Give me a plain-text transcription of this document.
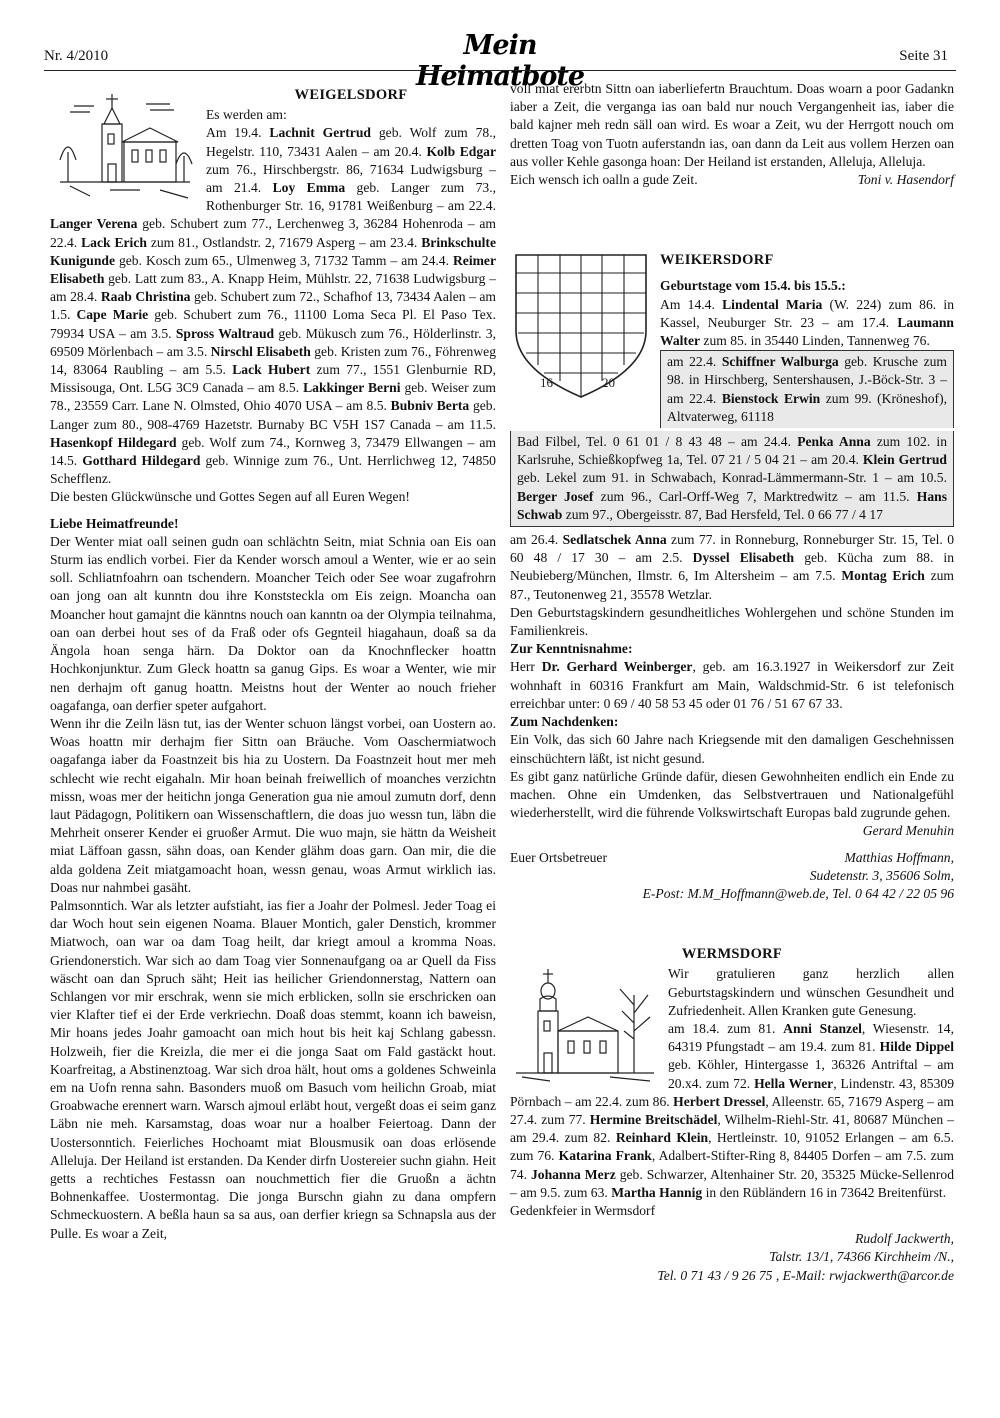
Nr. 4/2010	Mein Heimatbote
Seite 31
WEIGELSDORF

Es werden am:

Am 19.4. Lachnit Gertrud geb. Wolf zum 78., Hegelstr. 110, 73431 Aalen – am 20.4. Kolb Edgar zum 76., Hirschbergstr. 86, 71634 Ludwigsburg – am 21.4. Loy Emma geb. Langer zum 73., Rothenburger Str. 16, 91781 Weißenburg – am 22.4. Langer Verena geb. Schubert zum 77., Lerchenweg 3, 36284 Hohenroda – am 22.4. Lack Erich zum 81., Ostlandstr. 2, 71679 Asperg – am 23.4. Brinkschulte Kunigunde geb. Kosch zum 65., Ulmenweg 3, 71732 Tamm – am 24.4. Reimer Elisabeth geb. Latt zum 83., A. Knapp Heim, Mühlstr. 22, 71638 Ludwigsburg – am 28.4. Raab Christina geb. Schubert zum 72., Schafhof 13, 73434 Aalen – am 1.5. Cape Marie geb. Schubert zum 76., 11100 Loma Seca Pl. El Paso Tex. 79934 USA – am 3.5. Spross Waltraud geb. Mükusch zum 76., Hölderlinstr. 3, 69509 Mörlenbach – am 3.5. Nirschl Elisabeth geb. Kristen zum 76., Föhrenweg 14, 83064 Raubling – am 5.5. Lack Hubert zum 77., 1551 Glenburnie RD, Missisouga, Ont. L5G 3C9 Canada – am 8.5. Lakkinger Berni geb. Weiser zum 78., 23559 Carr. Lane N. Olmsted, Ohio 4070 USA – am 8.5. Bubniv Berta geb. Langer zum 80., 908-4769 Hazetstr. Burnaby BC V5H 1S7 Canada – am 11.5. Hasenkopf Hildegard geb. Wolf zum 74., Kornweg 3, 73479 Ellwangen – am 14.5. Gotthard Hildegard geb. Winnige zum 76., Unt. Herrlichweg 12, 74850 Schefflenz.

Die besten Glückwünsche und Gottes Segen auf all Euren Wegen!

Liebe Heimatfreunde!

Der Wenter miat oall seinen gudn oan schlächtn Seitn, miat Schnia oan Eis oan Sturm ias endlich vorbei. Fier da Kender worsch amoul a Wenter, wie er ao sein soll. Schliatnfoahrn oan tschendern. Moancher Teich oder See woar zugafrohrn oan jong oan alt kunntn dou ihre Konststeckla om Eis zeign. Moancha oan Moancher hout gamajnt die känntns nouch oan kanntn oa der Olympia teilnahma, oan oan derbei hout ses of da Fraß oder ofs Gegnteil hiagahaun, doaß sa da Ängola hoan senga härn. Da Doktor oan da Knochnflecker hoattn Hochkonjunktur. Zum Gleck hoattn sa ganug Gips. Es woar a Wenter, wie mir nen derhajm oft ganug hoattn. Meistns hout der Wenter ao nouch frieher oagafanga, oan derfier speter aufgahort.

Wenn ihr die Zeiln läsn tut, ias der Wenter schuon längst vorbei, oan Uostern ao. Woas hoattn mir derhajm fier Sittn oan Bräuche. Vom Oaschermiatwoch oagafanga iaber da Foastnzeit bis hia zu Uostern. Da Foastnzeit hout mer meh schlecht wie recht eigahaln. Mir hoan beinah freiwellich of moanches verzichtn missn, woas mer der heitichn jonga Generation gua nie amoul zumutn dorf, denn laut Pädagogn, Politikern oan Wissenschaftlern, die doas juo wessn tun, läbn die Mehrheit onserer Kender ei gruoßer Armut. Die wuo majn, sie hättn da Weisheit miat Läffoan gassn, sähn doas, oan Kender glähm doas garn. Oan mir, die die alda goldena Zeit miatgamoacht hoan, wessn genau, woas Armut wirklich ias. Doas nur nahmbei gasäht.

Palmsonntich. War als letzter aufstiaht, ias fier a Joahr der Polmesl. Jeder Toag ei dar Woch hout sein eigenen Noama. Blauer Montich, galer Denstich, krommer Miatwoch, oan war oa dam Toag heilt, dar kriegt amoul a kromma Noas. Griendonerstich. War sich ao dam Toag vier Sonnenaufgang oa ar Quell da Fiss wäscht oan dan Spruch säht; Heit ias heilicher Griendonnerstag, Nattern oan Schlangen vor mir erschrak, wenn sie mich erblicken, solln sie erschricken oan vier Klafter tief ei der Erde verkriechn. Doaß doas stemmt, koann ich baweisn, Mir hoans jedes Joahr gamoacht oan mich hout bis heit kaj Schlang gabessn. Holzweih, fier die Kreizla, die mer ei die jonga Saat om Fald gastäckt hout. Koarfreitag, a Abstinenztoag. War sich droa hält, hout oms a goldenes Schweinla em na Uofn renna sahn. Basonders muoß om Basuch vom heilichn Groab, miat Groabwache erennert warn. Warsch ajmoul erläbt hout, vergeßt doas ei seim ganz Läbn nie meh. Karsamstag, doas woar nur a hoalber Feiertoag. Dann der Uostersonntich. Feierliches Hochoamt miat Blousmusik oan doas erlösende Alleluja. Der Heiland ist erstanden. Da Kender dirfn Uostereier suchn giahn. Heit getts a rechtiches Festassn oan nouchmettich fier die Gruoßn a ächtn Bohnenkaffee. Uostermontag. Die jonga Burschn giahn zu dana ompfern Schmeckuostern. A beßla haun sa sa aus, oan derfier kriegn sa Schnapsla aus der Pulle. Es woar a Zeit,

voll miat ererbtn Sittn oan iaberliefertn Brauchtum. Doas woarn a poor Gadankn iaber a Zeit, die verganga ias oan bald nur nouch Vergangenheit ias, iaber die bald kajner meh redn säll oan wird. Es woar a Zeit, wu der Herrgott nouch om dretten Toag von Tuotn auferstandn ias, oan dann da Leit aus vollem Herzen oan aus voller Kehle gasonga hoan: Der Heiland ist erstanden, Alleluja, Alleluja.

Eich wensch ich oalln a gude Zeit.	Toni v. Hasendorf
16	20
WEIKERSDORF

Geburtstage vom 15.4. bis 15.5.:

Am 14.4. Lindental Maria (W. 224) zum 86. in Kassel, Neuburger Str. 23 – am 17.4. Laumann Walter zum 85. in 35440 Linden, Tannenweg 76.

am 22.4. Schiffner Walburga geb. Krusche zum 98. in Hirschberg, Sentershausen, J.-Böck-Str. 3 – am 22.4. Bienstock Erwin zum 99. (Kröneshof), Altvaterweg, 61118
Bad Filbel, Tel. 0 61 01 / 8 43 48 – am 24.4. Penka Anna zum 102. in Karlsruhe, Schießkopfweg 1a, Tel. 07 21 / 5 04 21 – am 20.4. Klein Gertrud geb. Lekel zum 91. in Schwabach, Konrad-Lämmermann-Str. 1 – am 10.5. Berger Josef zum 96., Carl-Orff-Weg 7, Marktredwitz – am 11.5. Hans Schwab zum 97., Obergeisstr. 87, Bad Hersfeld, Tel. 0 66 77 / 4 17

am 26.4. Sedlatschek Anna zum 77. in Ronneburg, Ronneburger Str. 15, Tel. 0 60 48 / 17 30 – am 2.5. Dyssel Elisabeth geb. Kücha zum 88. in Neubieberg/München, Ilmstr. 6, Im Altersheim – am 7.5. Montag Erich zum 87., Teutonenweg 21, 35578 Wetzlar.

Den Geburtstagskindern gesundheitliches Wohlergehen und schöne Stunden im Familienkreis.

Zur Kenntnisnahme:

Herr Dr. Gerhard Weinberger, geb. am 16.3.1927 in Weikersdorf zur Zeit wohnhaft in 60316 Frankfurt am Main, Waldschmid-Str. 6 ist telefonisch erreichbar unter: 0 69 / 40 58 53 45 oder 01 76 / 51 67 67 33.

Zum Nachdenken:

Ein Volk, das sich 60 Jahre nach Kriegsende mit den damaligen Geschehnissen einschüchtern läßt, ist nicht gesund.

Es gibt ganz natürliche Gründe dafür, diesen Gewohnheiten endlich ein Ende zu machen. Ohne ein Umdenken, das Selbstvertrauen und Nationalgefühl wiederherstellt, wird die führende Volkswirtschaft Europas bald zugrunde gehen.

Gerard Menuhin

Euer Ortsbetreuer	Matthias Hoffmann,

Sudetenstr. 3, 35606 Solm,

E-Post: M.M_Hoffmann@web.de, Tel. 0 64 42 / 22 05 96

WERMSDORF

Wir gratulieren ganz herzlich allen Geburtstagskindern und wünschen Gesundheit und Zufriedenheit. Allen Kranken gute Genesung.

am 18.4. zum 81. Anni Stanzel, Wiesenstr. 14, 64319 Pfungstadt – am 19.4. zum 81. Hilde Dippel geb. Köhler, Hintergasse 1, 36326 Antriftal – am 20.x4. zum 72. Hella Werner, Lindenstr. 43, 85309 Pörnbach – am 22.4. zum 86. Herbert Dressel, Alleenstr. 65, 71679 Asperg – am 27.4. zum 77. Hermine Breitschädel, Wilhelm-Riehl-Str. 41, 80687 München – am 29.4. zum 82. Reinhard Klein, Hertleinstr. 10, 91052 Erlangen – am 6.5. zum 76. Katarina Frank, Adalbert-Stifter-Ring 8, 84405 Dorfen – am 7.5. zum 74. Johanna Merz geb. Schwarzer, Altenhainer Str. 20, 35325 Mücke-Sellenrod – am 9.5. zum 63. Martha Hannig in den Rübländern 16 in 73642 Breitenfürst.

Gedenkfeier in Wermsdorf

Rudolf Jackwerth,

Talstr. 13/1, 74366 Kirchheim /N.,

Tel. 0 71 43 / 9 26 75 , E-Mail: rwjackwerth@arcor.de
